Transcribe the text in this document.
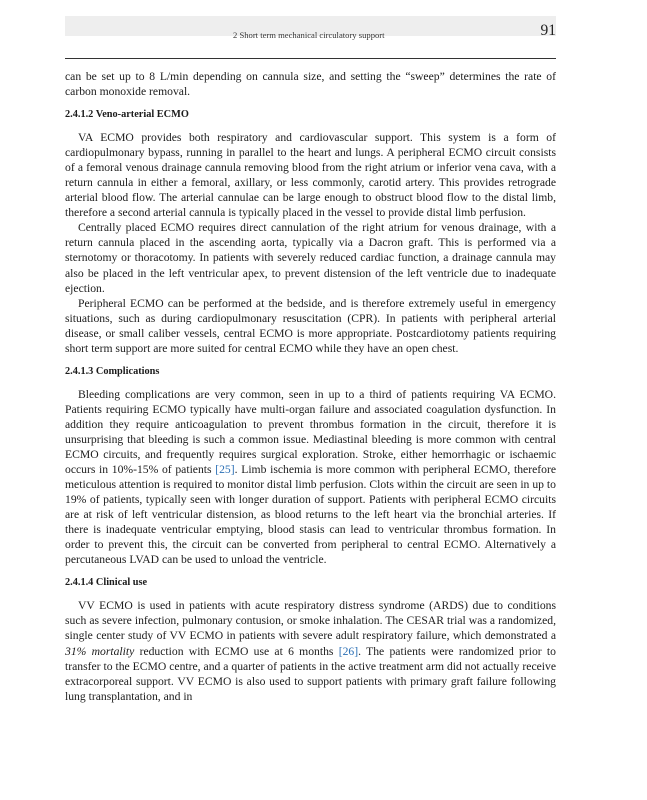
2 Short term mechanical circulatory support	91

can be set up to 8 L/min depending on cannula size, and setting the “sweep” determines the rate of carbon monoxide removal.

2.4.1.2 Veno-arterial ECMO

VA ECMO provides both respiratory and cardiovascular support. This system is a form of cardiopulmonary bypass, running in parallel to the heart and lungs. A peripheral ECMO circuit consists of a femoral venous drainage cannula removing blood from the right atrium or inferior vena cava, with a return cannula in either a femoral, axillary, or less commonly, carotid artery. This provides retrograde arterial blood flow. The arterial cannulae can be large enough to obstruct blood flow to the distal limb, therefore a second arterial cannula is typically placed in the vessel to provide distal limb perfusion.

Centrally placed ECMO requires direct cannulation of the right atrium for venous drainage, with a return cannula placed in the ascending aorta, typically via a Dacron graft. This is performed via a sternotomy or thoracotomy. In patients with severely reduced cardiac function, a drainage cannula may also be placed in the left ventricular apex, to prevent distension of the left ventricle due to inadequate ejection.

Peripheral ECMO can be performed at the bedside, and is therefore extremely useful in emergency situations, such as during cardiopulmonary resuscitation (CPR). In patients with peripheral arterial disease, or small caliber vessels, central ECMO is more appropriate. Postcardiotomy patients requiring short term support are more suited for central ECMO while they have an open chest.

2.4.1.3 Complications

Bleeding complications are very common, seen in up to a third of patients requiring VA ECMO. Patients requiring ECMO typically have multi-organ failure and associated coagulation dysfunction. In addition they require anticoagulation to prevent thrombus formation in the circuit, therefore it is unsurprising that bleeding is such a common issue. Mediastinal bleeding is more common with central ECMO circuits, and frequently requires surgical exploration. Stroke, either hemorrhagic or ischaemic occurs in 10%-15% of patients [25]. Limb ischemia is more common with peripheral ECMO, therefore meticulous attention is required to monitor distal limb perfusion. Clots within the circuit are seen in up to 19% of patients, typically seen with longer duration of support. Patients with peripheral ECMO circuits are at risk of left ventricular distension, as blood returns to the left heart via the bronchial arteries. If there is inadequate ventricular emptying, blood stasis can lead to ventricular thrombus formation. In order to prevent this, the circuit can be converted from peripheral to central ECMO. Alternatively a percutaneous LVAD can be used to unload the ventricle.

2.4.1.4 Clinical use

VV ECMO is used in patients with acute respiratory distress syndrome (ARDS) due to conditions such as severe infection, pulmonary contusion, or smoke inhalation. The CESAR trial was a randomized, single center study of VV ECMO in patients with severe adult respiratory failure, which demonstrated a 31% mortality reduction with ECMO use at 6 months [26]. The patients were randomized prior to transfer to the ECMO centre, and a quarter of patients in the active treatment arm did not actually receive extracorporeal support. VV ECMO is also used to support patients with primary graft failure following lung transplantation, and in
